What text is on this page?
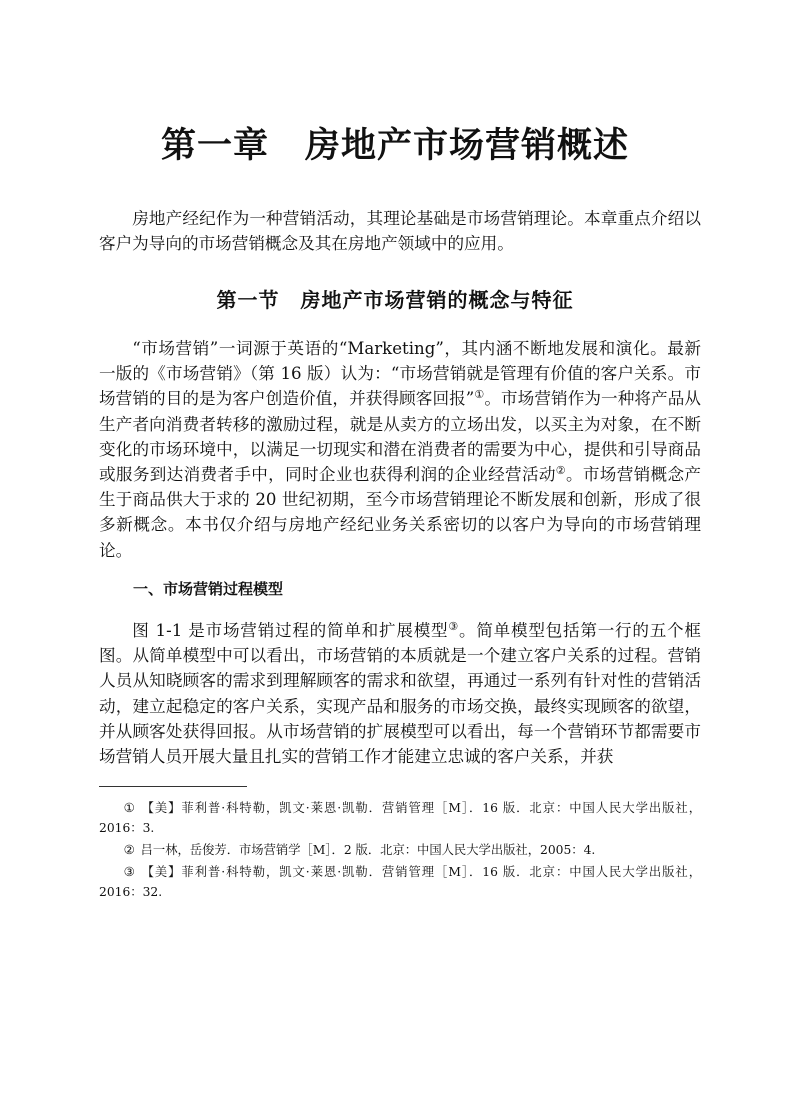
第一章　房地产市场营销概述

房地产经纪作为一种营销活动，其理论基础是市场营销理论。本章重点介绍以客户为导向的市场营销概念及其在房地产领域中的应用。

第一节　房地产市场营销的概念与特征

“市场营销”一词源于英语的“Marketing”，其内涵不断地发展和演化。最新一版的《市场营销》（第 16 版）认为：“市场营销就是管理有价值的客户关系。市场营销的目的是为客户创造价值，并获得顾客回报”①。市场营销作为一种将产品从生产者向消费者转移的激励过程，就是从卖方的立场出发，以买主为对象，在不断变化的市场环境中，以满足一切现实和潜在消费者的需要为中心，提供和引导商品或服务到达消费者手中，同时企业也获得利润的企业经营活动②。市场营销概念产生于商品供大于求的 20 世纪初期，至今市场营销理论不断发展和创新，形成了很多新概念。本书仅介绍与房地产经纪业务关系密切的以客户为导向的市场营销理论。

一、市场营销过程模型

图 1-1 是市场营销过程的简单和扩展模型③。简单模型包括第一行的五个框图。从简单模型中可以看出，市场营销的本质就是一个建立客户关系的过程。营销人员从知晓顾客的需求到理解顾客的需求和欲望，再通过一系列有针对性的营销活动，建立起稳定的客户关系，实现产品和服务的市场交换，最终实现顾客的欲望，并从顾客处获得回报。从市场营销的扩展模型可以看出，每一个营销环节都需要市场营销人员开展大量且扎实的营销工作才能建立忠诚的客户关系，并获

① 【美】菲利普·科特勒，凯文·莱恩·凯勒．营销管理［M］．16 版．北京：中国人民大学出版社，2016：3.

② 吕一林，岳俊芳．市场营销学［M］．2 版．北京：中国人民大学出版社，2005：4.

③ 【美】菲利普·科特勒，凯文·莱恩·凯勒．营销管理［M］．16 版．北京：中国人民大学出版社，2016：32.
